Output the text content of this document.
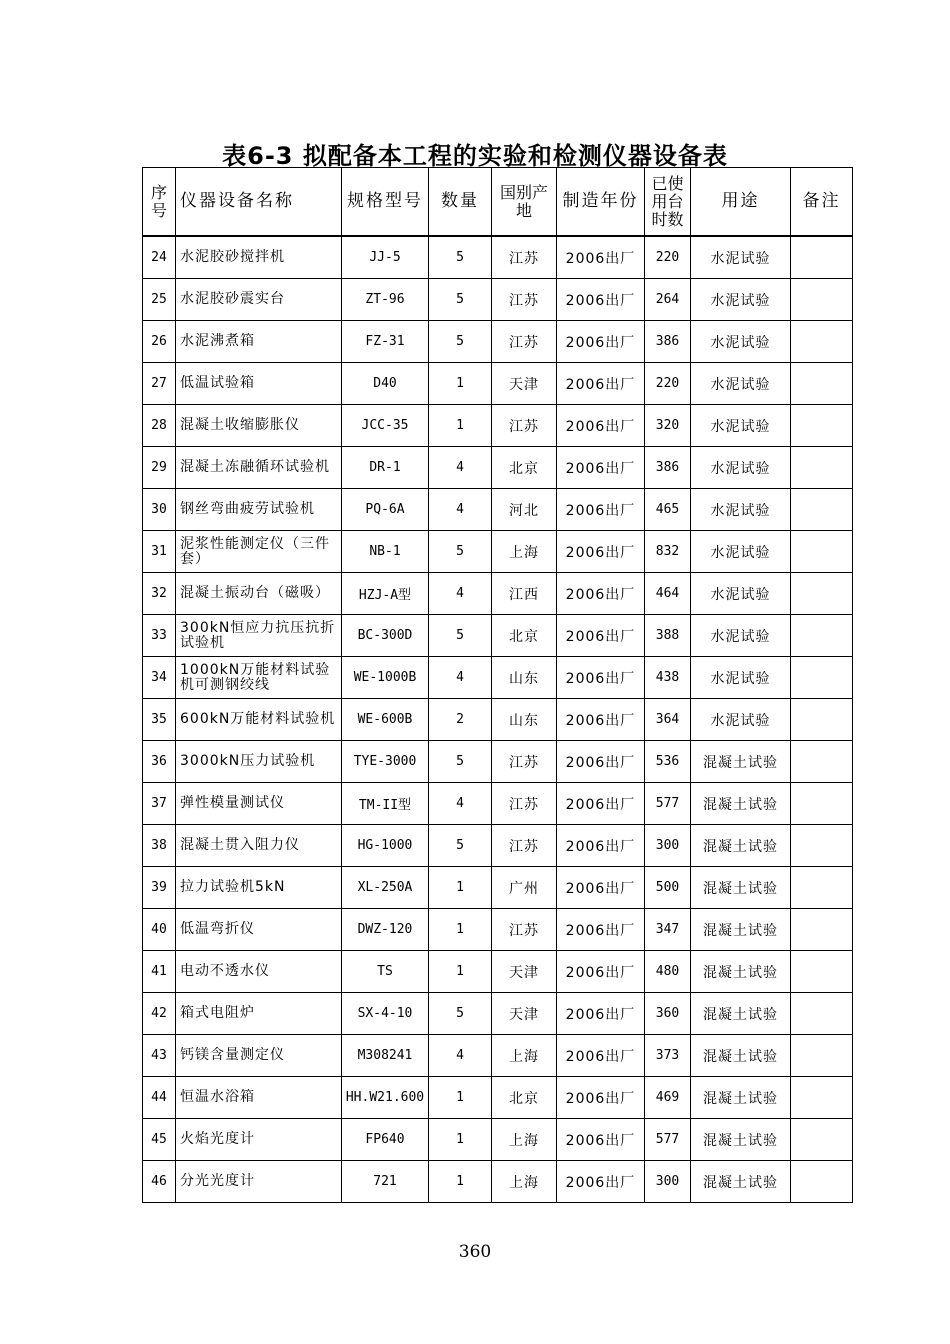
表6-3 拟配备本工程的实验和检测仪器设备表
序号	仪器设备名称	规格型号	数量	国别产地	制造年份	已使用台时数	用途	备注
24	水泥胶砂搅拌机	JJ-5	5	江苏	2006出厂	220	水泥试验	
25	水泥胶砂震实台	ZT-96	5	江苏	2006出厂	264	水泥试验	
26	水泥沸煮箱	FZ-31	5	江苏	2006出厂	386	水泥试验	
27	低温试验箱	D40	1	天津	2006出厂	220	水泥试验	
28	混凝土收缩膨胀仪	JCC-35	1	江苏	2006出厂	320	水泥试验	
29	混凝土冻融循环试验机	DR-1	4	北京	2006出厂	386	水泥试验	
30	钢丝弯曲疲劳试验机	PQ-6A	4	河北	2006出厂	465	水泥试验	
31	泥浆性能测定仪（三件套）	NB-1	5	上海	2006出厂	832	水泥试验	
32	混凝土振动台（磁吸）	HZJ-A型	4	江西	2006出厂	464	水泥试验	
33	300kN恒应力抗压抗折试验机	BC-300D	5	北京	2006出厂	388	水泥试验	
34	1000kN万能材料试验机可测钢绞线	WE-1000B	4	山东	2006出厂	438	水泥试验	
35	600kN万能材料试验机	WE-600B	2	山东	2006出厂	364	水泥试验	
36	3000kN压力试验机	TYE-3000	5	江苏	2006出厂	536	混凝土试验	
37	弹性模量测试仪	TM-II型	4	江苏	2006出厂	577	混凝土试验	
38	混凝土贯入阻力仪	HG-1000	5	江苏	2006出厂	300	混凝土试验	
39	拉力试验机5kN	XL-250A	1	广州	2006出厂	500	混凝土试验	
40	低温弯折仪	DWZ-120	1	江苏	2006出厂	347	混凝土试验	
41	电动不透水仪	TS	1	天津	2006出厂	480	混凝土试验	
42	箱式电阻炉	SX-4-10	5	天津	2006出厂	360	混凝土试验	
43	钙镁含量测定仪	M308241	4	上海	2006出厂	373	混凝土试验	
44	恒温水浴箱	HH.W21.600	1	北京	2006出厂	469	混凝土试验	
45	火焰光度计	FP640	1	上海	2006出厂	577	混凝土试验	
46	分光光度计	721	1	上海	2006出厂	300	混凝土试验	
360
